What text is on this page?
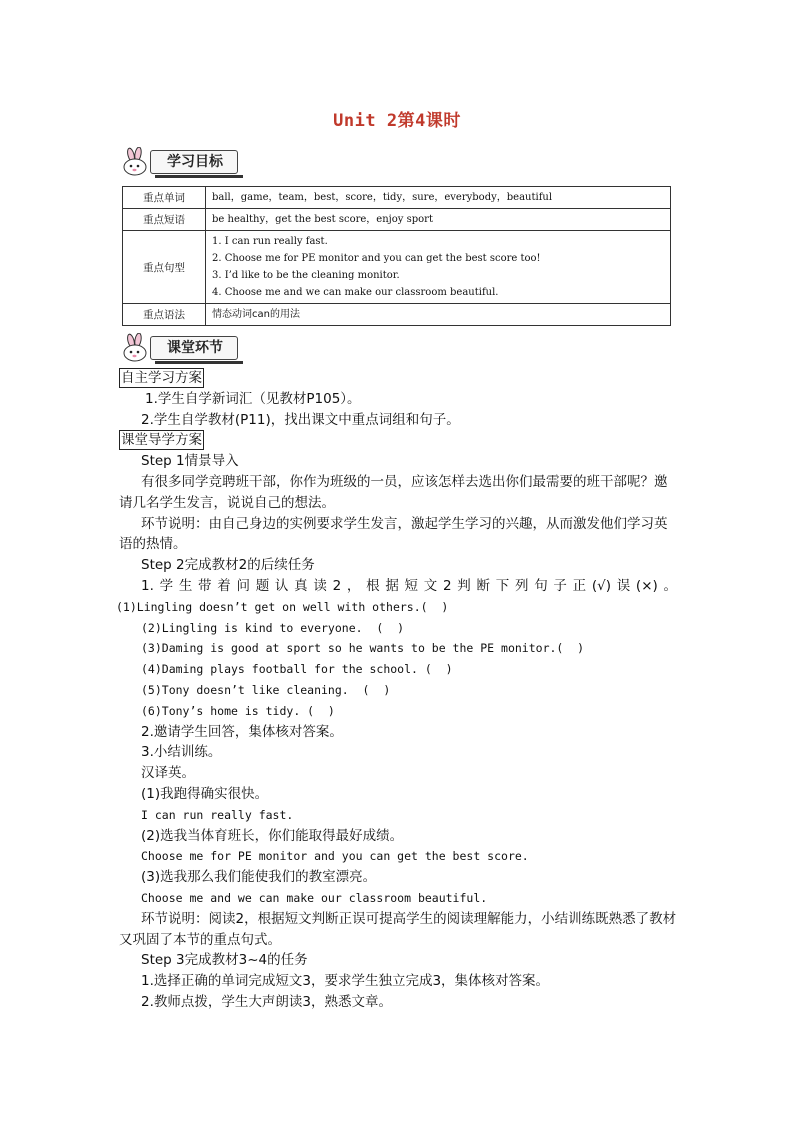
Unit 2第4课时
学习目标
重点单词	ball，game，team，best，score，tidy，sure，everybody，beautiful

重点短语	be healthy，get the best score，enjoy sport

重点句型	1. I can run really fast.
2. Choose me for PE monitor and you can get the best score too!
3. I’d like to be the cleaning monitor.
4. Choose me and we can make our classroom beautiful.

重点语法	情态动词can的用法
课堂环节

自主学习方案

1.学生自学新词汇（见教材P105）。

2.学生自学教材(P11)，找出课文中重点词组和句子。

课堂导学方案

Step 1情景导入

有很多同学竞聘班干部，你作为班级的一员，应该怎样去选出你们最需要的班干部呢？邀请几名学生发言，说说自己的想法。

环节说明：由自己身边的实例要求学生发言，激起学生学习的兴趣，从而激发他们学习英语的热情。

Step 2完成教材2的后续任务

1.学生带着问题认真读2，根据短文2判断下列句子正(√)误(×)。

(1)Lingling doesn’t get on well with others.(  )

(2)Lingling is kind to everyone.  (  )

(3)Daming is good at sport so he wants to be the PE monitor.(  )

(4)Daming plays football for the school. (  )

(5)Tony doesn’t like cleaning.  (  )

(6)Tony’s home is tidy. (  )

2.邀请学生回答，集体核对答案。

3.小结训练。

汉译英。

(1)我跑得确实很快。

I can run really fast.

(2)选我当体育班长，你们能取得最好成绩。

Choose me for PE monitor and you can get the best score.

(3)选我那么我们能使我们的教室漂亮。

Choose me and we can make our classroom beautiful.

环节说明：阅读2，根据短文判断正误可提高学生的阅读理解能力，小结训练既熟悉了教材又巩固了本节的重点句式。

Step 3完成教材3~4的任务

1.选择正确的单词完成短文3，要求学生独立完成3，集体核对答案。

2.教师点拨，学生大声朗读3，熟悉文章。
